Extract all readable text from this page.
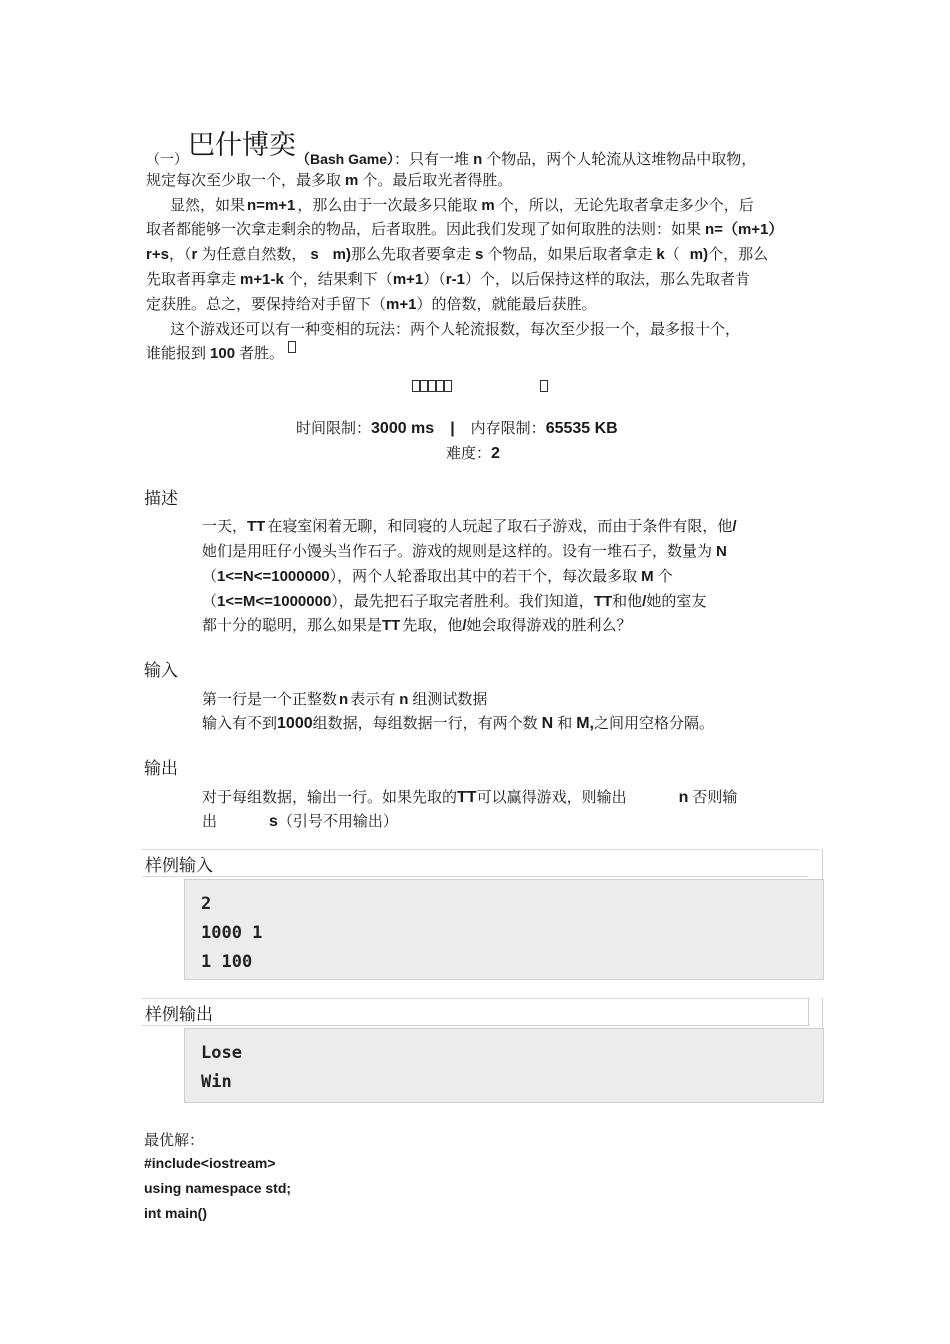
（一）巴什博奕（Bash Game）：只有一堆 n 个物品，两个人轮流从这堆物品中取物，
规定每次至少取一个，最多取 m 个。最后取光者得胜。
显然，如果 n=m+1 ，那么由于一次最多只能取 m 个，所以，无论先取者拿走多少个，后
取者都能够一次拿走剩余的物品，后者取胜。因此我们发现了如何取胜的法则：如果 n=（m+1）
r+s，（r 为任意自然数， s m)那么先取者要拿走 s 个物品，如果后取者拿走 k（ m)个，那么
先取者再拿走 m+1-k 个，结果剩下（m+1）（r-1）个，以后保持这样的取法，那么先取者肯
定获胜。总之，要保持给对手留下（m+1）的倍数，就能最后获胜。
这个游戏还可以有一种变相的玩法：两个人轮流报数，每次至少报一个，最多报十个，
谁能报到 100 者胜。
时间限制：3000 ms | 内存限制：65535 KB
难度：2
描述
一天，TT 在寝室闲着无聊，和同寝的人玩起了取石子游戏，而由于条件有限，他/
她们是用旺仔小馒头当作石子。游戏的规则是这样的。设有一堆石子，数量为 N
（1<=N<=1000000），两个人轮番取出其中的若干个，每次最多取 M 个
（1<=M<=1000000），最先把石子取完者胜利。我们知道，TT和他/她的室友
都十分的聪明，那么如果是TT 先取，他/她会取得游戏的胜利么？
输入
第一行是一个正整数 n 表示有 n 组测试数据
输入有不到1000组数据，每组数据一行，有两个数 N 和 M,之间用空格分隔。
输出
对于每组数据，输出一行。如果先取的TT可以赢得游戏，则输出	n 否则输
出	s（引号不用输出）
样例输入
2
1000 1
1 100
样例输出
Lose
Win
最优解：
#include<iostream>
using namespace std;
int main()
